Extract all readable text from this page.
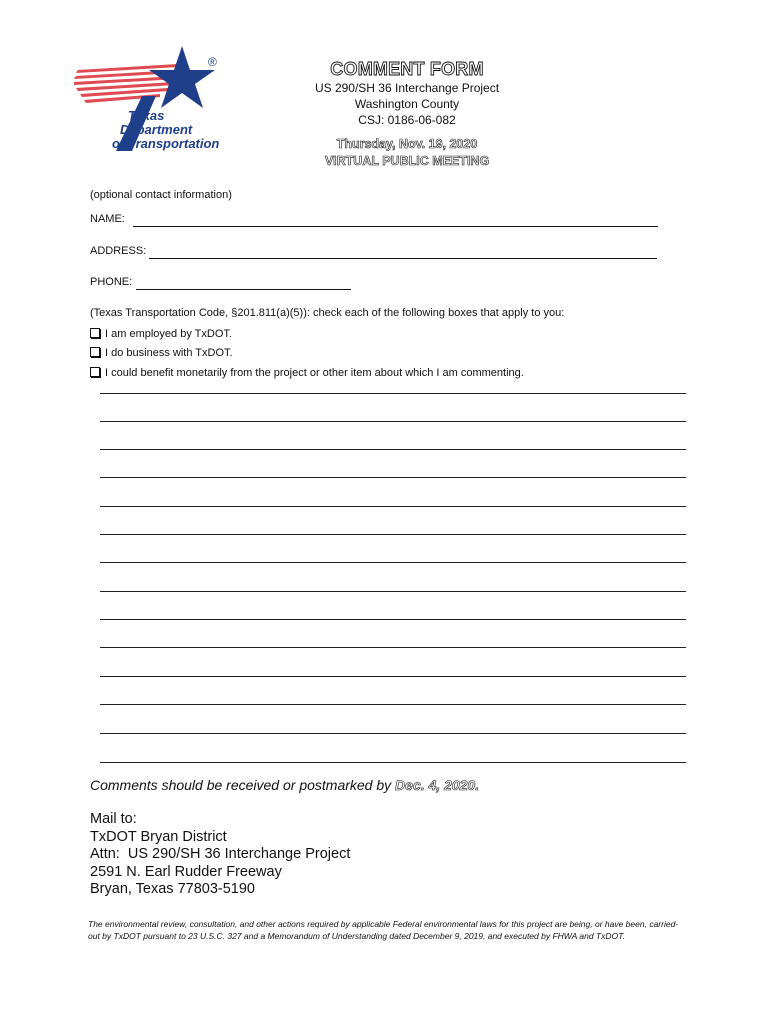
Texas
Department
of Transportation
®	COMMENT FORM
US 290/SH 36 Interchange Project
Washington County
CSJ: 0186-06-082
Thursday, Nov. 19, 2020
VIRTUAL PUBLIC MEETING
(optional contact information)
NAME:
ADDRESS:
PHONE:
(Texas Transportation Code, §201.811(a)(5)): check each of the following boxes that apply to you:
I am employed by TxDOT.
I do business with TxDOT.
I could benefit monetarily from the project or other item about which I am commenting.
Comments should be received or postmarked by Dec. 4, 2020.
Mail to:
TxDOT Bryan District
Attn:  US 290/SH 36 Interchange Project
2591 N. Earl Rudder Freeway
Bryan, Texas 77803-5190
The environmental review, consultation, and other actions required by applicable Federal environmental laws for this project are being, or have been, carried-out by TxDOT pursuant to 23 U.S.C. 327 and a Memorandum of Understanding dated December 9, 2019, and executed by FHWA and TxDOT.
